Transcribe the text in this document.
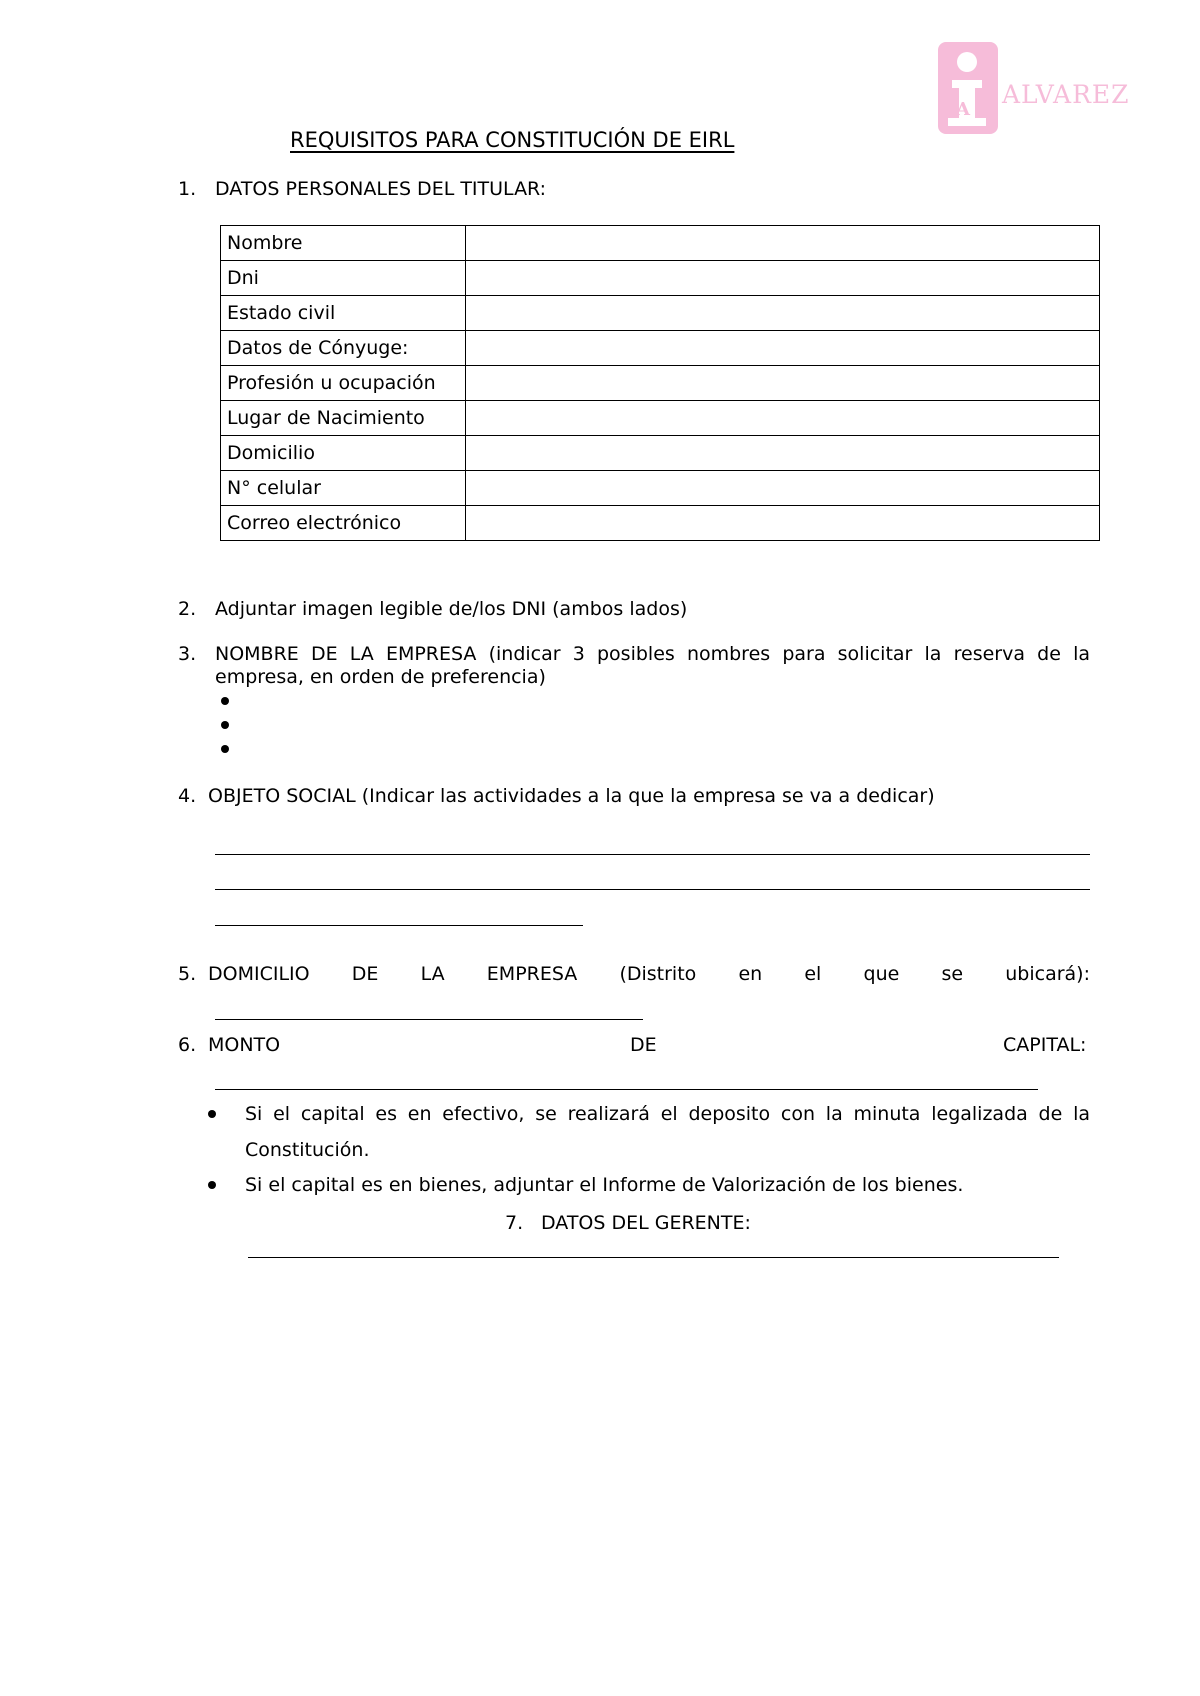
A
ALVAREZ
REQUISITOS PARA CONSTITUCIÓN DE EIRL
1. DATOS PERSONALES DEL TITULAR:
Nombre	
Dni	
Estado civil	
Datos de Cónyuge:	
Profesión u ocupación	
Lugar de Nacimiento	
Domicilio	
N° celular	
Correo electrónico	
2. Adjuntar imagen legible de/los DNI (ambos lados)
3. NOMBRE DE LA EMPRESA (indicar 3 posibles nombres para solicitar la reserva de la
empresa, en orden de preferencia)
4. OBJETO SOCIAL (Indicar las actividades a la que la empresa se va a dedicar)
5. DOMICILIO DE LA EMPRESA (Distrito en el que se ubicará):
6. MONTO	DE	CAPITAL:
Si el capital es en efectivo, se realizará el deposito con la minuta legalizada de la
Constitución.
Si el capital es en bienes, adjuntar el Informe de Valorización de los bienes.
7. DATOS DEL GERENTE:
